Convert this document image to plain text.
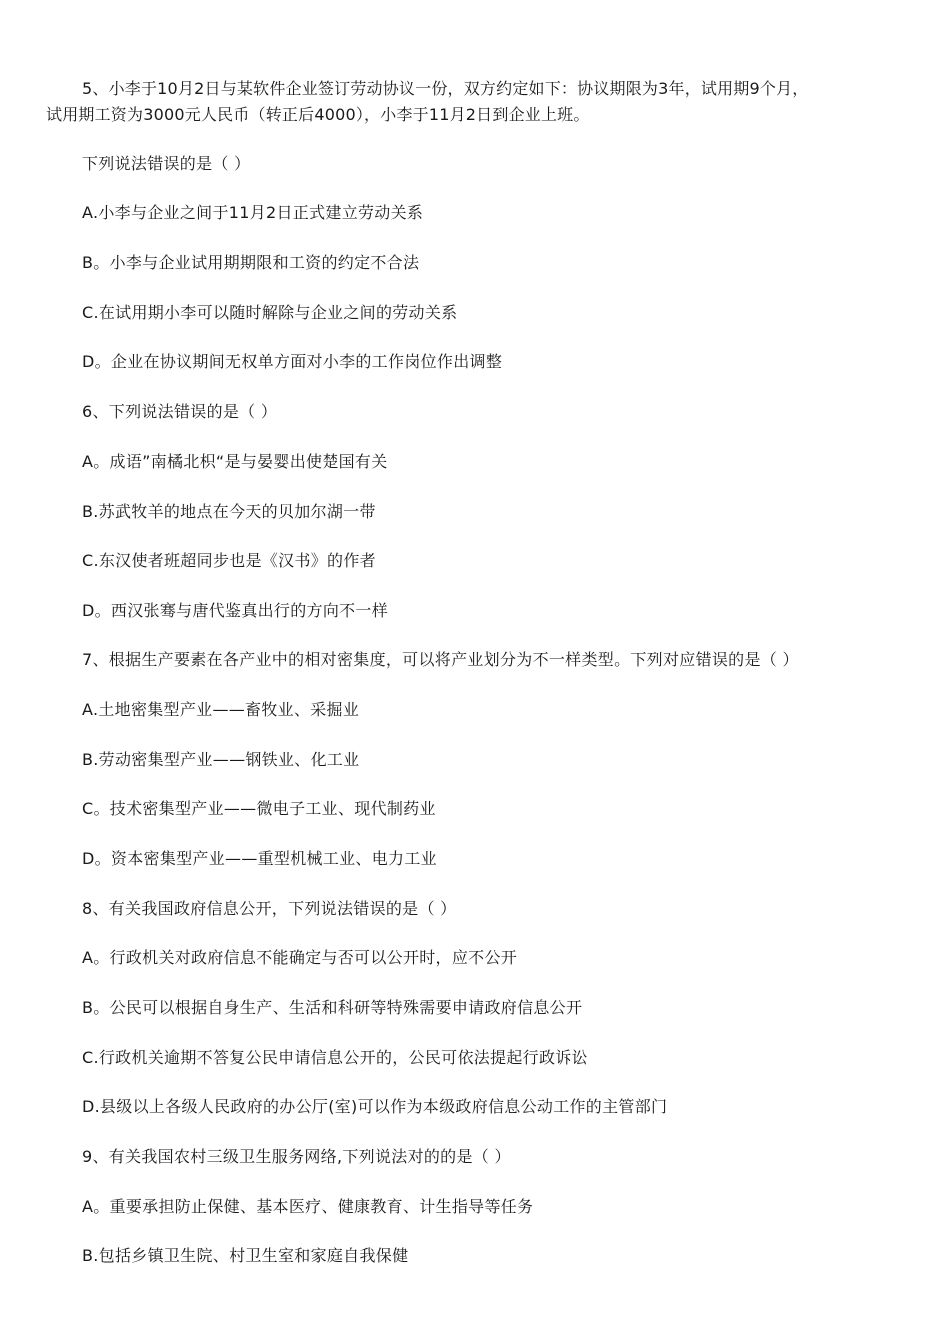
5、小李于10月2日与某软件企业签订劳动协议一份，双方约定如下：协议期限为3年，试用期9个月，
试用期工资为3000元人民币（转正后4000），小李于11月2日到企业上班。
下列说法错误的是（ ）
A.小李与企业之间于11月2日正式建立劳动关系
B。小李与企业试用期期限和工资的约定不合法
C.在试用期小李可以随时解除与企业之间的劳动关系
D。企业在协议期间无权单方面对小李的工作岗位作出调整
6、下列说法错误的是（ ）
A。成语”南橘北枳“是与晏婴出使楚国有关
B.苏武牧羊的地点在今天的贝加尔湖一带
C.东汉使者班超同步也是《汉书》的作者
D。西汉张骞与唐代鉴真出行的方向不一样
7、根据生产要素在各产业中的相对密集度，可以将产业划分为不一样类型。下列对应错误的是（ ）
A.土地密集型产业——畜牧业、采掘业
B.劳动密集型产业——钢铁业、化工业
C。技术密集型产业——微电子工业、现代制药业
D。资本密集型产业——重型机械工业、电力工业
8、有关我国政府信息公开，下列说法错误的是（ ）
A。行政机关对政府信息不能确定与否可以公开时，应不公开
B。公民可以根据自身生产、生活和科研等特殊需要申请政府信息公开
C.行政机关逾期不答复公民申请信息公开的，公民可依法提起行政诉讼
D.县级以上各级人民政府的办公厅(室)可以作为本级政府信息公动工作的主管部门
9、有关我国农村三级卫生服务网络,下列说法对的的是（ ）
A。重要承担防止保健、基本医疗、健康教育、计生指导等任务
B.包括乡镇卫生院、村卫生室和家庭自我保健
